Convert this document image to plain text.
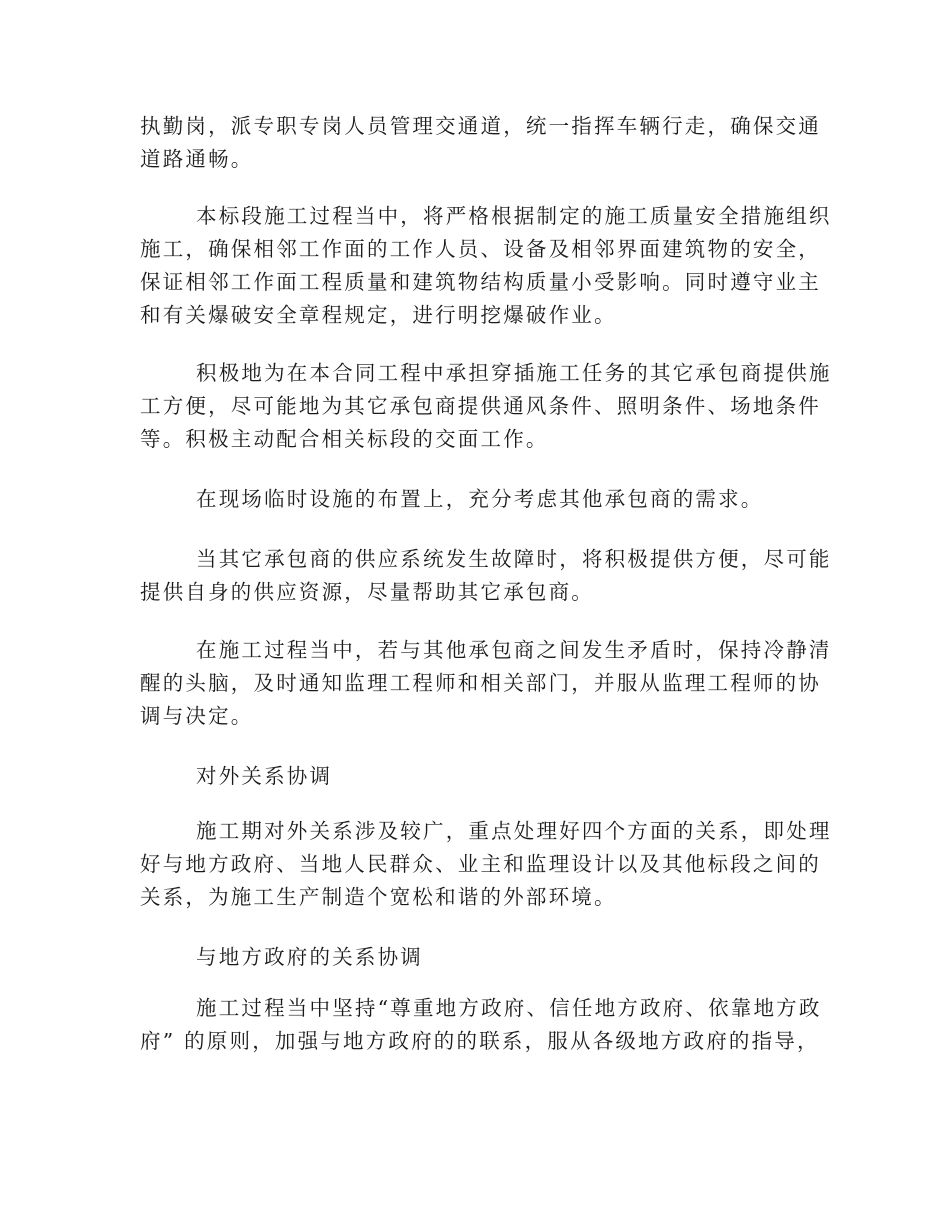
执勤岗，派专职专岗人员管理交通道，统一指挥车辆行走，确保交通
道路通畅。
本标段施工过程当中，将严格根据制定的施工质量安全措施组织
施工，确保相邻工作面的工作人员、设备及相邻界面建筑物的安全，
保证相邻工作面工程质量和建筑物结构质量小受影响。同时遵守业主
和有关爆破安全章程规定，进行明挖爆破作业。
积极地为在本合同工程中承担穿插施工任务的其它承包商提供施
工方便，尽可能地为其它承包商提供通风条件、照明条件、场地条件
等。积极主动配合相关标段的交面工作。
在现场临时设施的布置上，充分考虑其他承包商的需求。
当其它承包商的供应系统发生故障时，将积极提供方便，尽可能
提供自身的供应资源，尽量帮助其它承包商。
在施工过程当中，若与其他承包商之间发生矛盾时，保持冷静清
醒的头脑，及时通知监理工程师和相关部门，并服从监理工程师的协
调与决定。
对外关系协调
施工期对外关系涉及较广，重点处理好四个方面的关系，即处理
好与地方政府、当地人民群众、业主和监理设计以及其他标段之间的
关系，为施工生产制造个宽松和谐的外部环境。
与地方政府的关系协调
施工过程当中坚持“尊重地方政府、信任地方政府、依靠地方政
府” 的原则，加强与地方政府的的联系，服从各级地方政府的指导，
